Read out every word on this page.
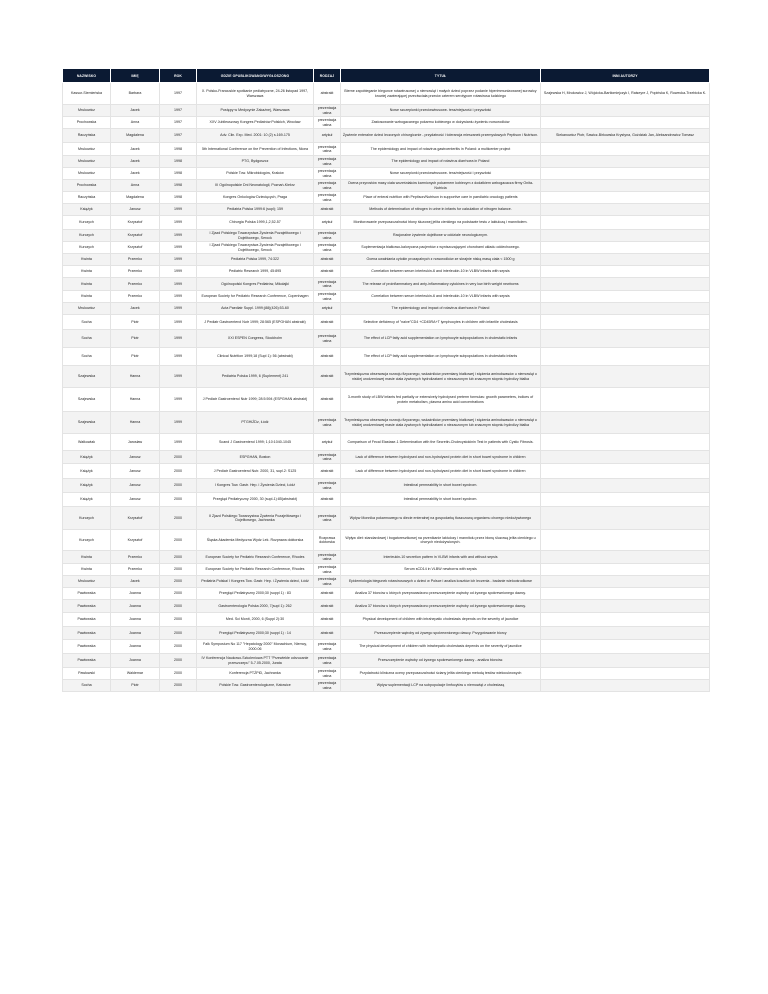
NAZWISKO	IMIĘ	ROK	GDZIE OPUBLIKOWANO/WYGŁOSZONO	RODZAJ	TYTUŁ	INNI AUTORZY
Kassur-Siemieńska	Barbara	1997	X. Polsko-Francuskie spotkanie pediatryczne, 24-26 listopad 1997, Warszawa	abstrakt	Bierne zapobieganie biegunce rotawirusowej u niemowląt i małych dzieci poprzez podanie hiperimmunizowanej surowicy krowiej zawierającej przeciwciała przeciw czterem serotypom rotawirusa ludzkiego	Szajewska H, Mrukowicz J, Wójcicka-Bartłomiejczyk I, Raiseyre J, Popińska K, Rowecka-Trzebicka K.
Mrukowicz	Jacek	1997	Postępy w Medycynie Zakaźnej, Warszawa	prezentacja ustna	Nowe szczepionki przeciwwirusowe- teraźniejszość i przyszłość	
Prochowska	Anna	1997	XXV Jubileuszowy Kongres Pediatrów Polskich, Wrocław	prezentacja ustna	Zastosowanie wzbogacanego pokarmu kobiecego w dożywianiu żywieniu noworodków	
Raczyńska	Magdalena	1997	Adv. Clin. Exp. Med. 2001: 10 (2) s.169-175	artykuł	Żywienie enteralne dzieci leczonych chirurgicznie - przydatność i tolerancja mieszanek przemysłowych Peptison i Nutrison.	Siekanowicz Piotr, Sawicz-Birkowska Krystyna, Goździak Jan, Aleksandrowicz Tomasz
Mrukowicz	Jacek	1998	5th International Conference on the Prevention of Infections, Nicea	prezentacja ustna	The epidemiology and impact of rotavirus gastroenteritis in Poland: a multicenter project	
Mrukowicz	Jacek	1998	PTG, Bydgoszcz	prezentacja ustna	The epidemiology and impact of rotavirus diarrhoea in Poland	
Mrukowicz	Jacek	1998	Polskie Tow. Mikrobiologów, Kraków	prezentacja ustna	Nowe szczepionki przeciwwirusowe- teraźniejszość i przyszłość	
Prochowska	Anna	1998	III Ogólnopolskie Dni Neonatologii, Poznań-Kiekrz	prezentacja ustna	Ocena przyrostów masy ciała wcześniaków karmionych pokarmem kobiecym z dodatkiem wzbogacacza firmy Onita-Nutricia	
Raczyńska	Magdalena	1998	Kongres Onkologów Dziecięcych, Praga	prezentacja ustna	Place of enteral nutrition with Peptison/Nutrison in supportive care in paediatric oncology patients	
Książyk	Janusz	1999	Pediatria Polska 1999:6 (supl); 159	abstrakt	Methods of determination of nitrogen in urine in infants for calculation of nitrogen balance.	
Kurczych	Krzysztof	1999	Chirurgia Polska 1999,1,2,52-57	artykuł	Monitorowanie przepuszczalności błony śluzowej jelita cienkiego na podstawie testu z laktulozą i mannitolem.	
Kurczych	Krzysztof	1999	I Zjazd Polskiego Towarzystwa Żywienia Pozajelitowego i Dojelitowego, Serock	prezentacja ustna	Racjonalne żywienie dojelitowe w oddziale neurologicznym.	
Kurczych	Krzysztof	1999	I Zjazd Polskiego Towarzystwa Żywienia Pozajelitowego i Dojelitowego, Serock	prezentacja ustna	Suplementacja białkowo-kaloryczna pacjentów z wyniszczającymi chorobami układu oddechowego.	
Kwinta	Przemko	1999	Pediatria Polska 1999, 74:322	abstrakt	Ocena uwalniania cytokin prozapalnych z noworodków ze skrajnie niską masą ciała < 1500 g	
Kwinta	Przemko	1999	Pediatric Research 1999, 45:895	abstrakt	Correlation between serum interleukin-6 and interleukin-10 in VLBW infants with sepsis	
Kwinta	Przemko	1999	Ogólnopolski Kongres Pediatrów, Mikołajki	prezentacja ustna	The release of proinflammatory and anty-inflammatory cytokines in very low birth weight newborns	
Kwinta	Przemko	1999	European Society for Pediatric Research Conference, Copenhagen	prezentacja ustna	Correlation between serum interleukin-6 and interleukin-10 in VLBW infants with sepsis	
Mrukowicz	Jacek	1999	Acta Paediatr Suppl. 1999;(88)(426):53-60	artykuł	The epidemiology and impact of rotavirus diarrhoea in Poland	
Socha	Piotr	1999	J Pediatr Gastroenterol Nutr 1999; 28:565 (ESPGHAN abstrakt)	abstrakt	Selective deficiency of "naive"CD4 +CD45RA+T lymphocytes in children with infantile cholestasis	
Socha	Piotr	1999	XXI ESPEN Congress, Stockholm	prezentacja ustna	The effect of LCP fatty acid supplementation on lymphocyte subpopulations in cholestatic infants	
Socha	Piotr	1999	Clinical Nutrition 1999;18 (Supl 1): 56 (abstrakt)	abstrakt	The effect of LCP fatty acid supplementation on lymphocyte subpopulations in cholestatic infants	
Szajewska	Hanna	1999	Pediatria Polska 1999, 6 (Suplement) 241	abstrakt	Trzymiesięczna obserwacja rozwoju fizycznego, wskaźników przemiany białkowej i stężenia aminokwasów u niemowląt o niskiej urodzeniowej masie ciała żywionych hydrolizatami o niezaczonym lub znacznym stopniu hydrolizy białka	
Szajewska	Hanna	1999	J Pediatr Gastroenterol Nutr 1999; 28:5:594 (ESPGHAN abstrakt)	abstrakt	3-month study of LBW infants fed partially or extensively hydrolysed preterm formulas: growth parameters, indices of protein metabolism, plasma amino acid concentrations	
Szajewska	Hanna	1999	PTGHiŻDz, Łódź	prezentacja ustna	Trzymiesięczna obserwacja rozwoju fizycznego, wskaźników przemiany białkowej i stężenia aminokwasów u niemowląt o niskiej urodzeniowej masie ciała żywionych hydrolizatami o niezaczonym lub znacznym stopniu hydrolizy białka	
Wałkowiak	Jarosław	1999	Scand J Gastroenterol 1999; 1;10:1040-1045	artykuł	Comparison of Fecal Elastase-1 Determination with the Secretin-Cholecystokinin Test in patients with Cystic Fibrosis.	
Książyk	Janusz	2000	ESPGHAN, Boston	prezentacja ustna	Lack of difference between hydrolysed and non-hydrolysed protein diet in short bowel syndrome in children	
Książyk	Janusz	2000	J Pediatr Gastroenterol Nutr. 2000, 31, supl.2: S125	abstrakt	Lack of difference between hydrolysed and non-hydrolysed protein diet in short bowel syndrome in children	
Książyk	Janusz	2000	I Kongres Tow. Gastr. Hep. i Żywienia Dzieci, Łódź	prezentacja ustna	Intestinal permeability in short bowel syndrom.	
Książyk	Janusz	2000	Przegląd Pediatryczny 2000, 30 (supl-1):85(abstrakt)	abstrakt	Intestinal permeability in short bowel syndrom.	
Kurczych	Krzysztof	2000	II Zjazd Polskiego Towarzystwa Żywienia Pozajelitowego i Dojelitowego, Jachranka	prezentacja ustna	Wpływ Monnika pokarmowego w diecie enteralnej na gospodarkę tłuszczową organizmu chorego niedożywionego	
Kurczych	Krzysztof	2000	Śląska Akademia Medyczna Wydz Lek. Rozprawa doktorska	Rozprawa doktorska	Wpływ diet: standardowej i bogatoresztkowej na przenikanie laktulozy i mannitolu przez błonę śluzową jelita cienkiego u chorych niedożywionych.	
Kwinta	Przemko	2000	European Society for Pediatric Research Conference, Rhodes	prezentacja ustna	Interleukin-10 secretion pattern in VLBW infants with and without sepsis	
Kwinta	Przemko	2000	European Society for Pediatric Research Conference, Rhodes	prezentacja ustna	Serum sCD14 in VLBW newborns with sepsis	
Mrukowicz	Jacek	2000	Pediatria Polska/ I Kongres Tow. Gastr. Hep. i Żywienia dzieci, Łódź	prezentacja ustna	Epidemiologia biegunek rotawirusowych u dzieci w Polsce i analiza kosztów ich leczenia - badanie wieloośrodkowe	
Pawłowska	Joanna	2000	Przegląd Pediatryczny 2000;30 (suppl 1) : 83	abstrakt	Analiza 37 biorców u których przeprowadzono przeszczepienie wątroby od żywego spokrewnionego dawcy.	
Pawłowska	Joanna	2000	Gastroenterologia Polska 2000, 7(supl 1): 262	abstrakt	Analiza 37 biorców u których przeprowadzono przeszczepienie wątroby od żywego spokrewnionego dawcy.	
Pawłowska	Joanna	2000	Med. Sci Monit, 2000, 6 (Suppl 2):30	abstrakt	Physical development of children with intrahepatic cholestasis depends on the severity of jaundice	
Pawłowska	Joanna	2000	Przegląd Pediatryczny 2000;30 (suppl 1) : 14	abstrakt	Przeszczepienie wątroby od żywego spokrewnionego dawcy. Przygotowanie biorcy	
Pawłowska	Joanna	2000	Falk Symposium No 117 "Hepatology 2000" Monachium, Niemcy, 2000.06	prezentacja ustna	The physical development of children with intrahepatic cholestasis depends on the severity of jaundice	
Pawłowska	Joanna	2000	IV Konferencja Naukowo-Szkoleniowa PTT "Przewlekłe odrzucanie przeszczepu" 5-7.05.2000, Jurata	prezentacja ustna	Przeszczepienie wątroby od żywego spokrewnionego dawcy - analiza biorców.	
Pawłowski	Waldemar	2000	Konferencja PTŻPiD, Jachranka	prezentacja ustna	Przydatność kliniczna oceny przepuszczalności ściany jelita cienkiego metodą testów wielocukrowych	
Socha	Piotr	2000	Polskie Tow. Gastroenterologiczne, Katowice	prezentacja ustna	Wpływ suplementacji LCP na subpopulacje limfocytów u niemowląt z cholestazą	
